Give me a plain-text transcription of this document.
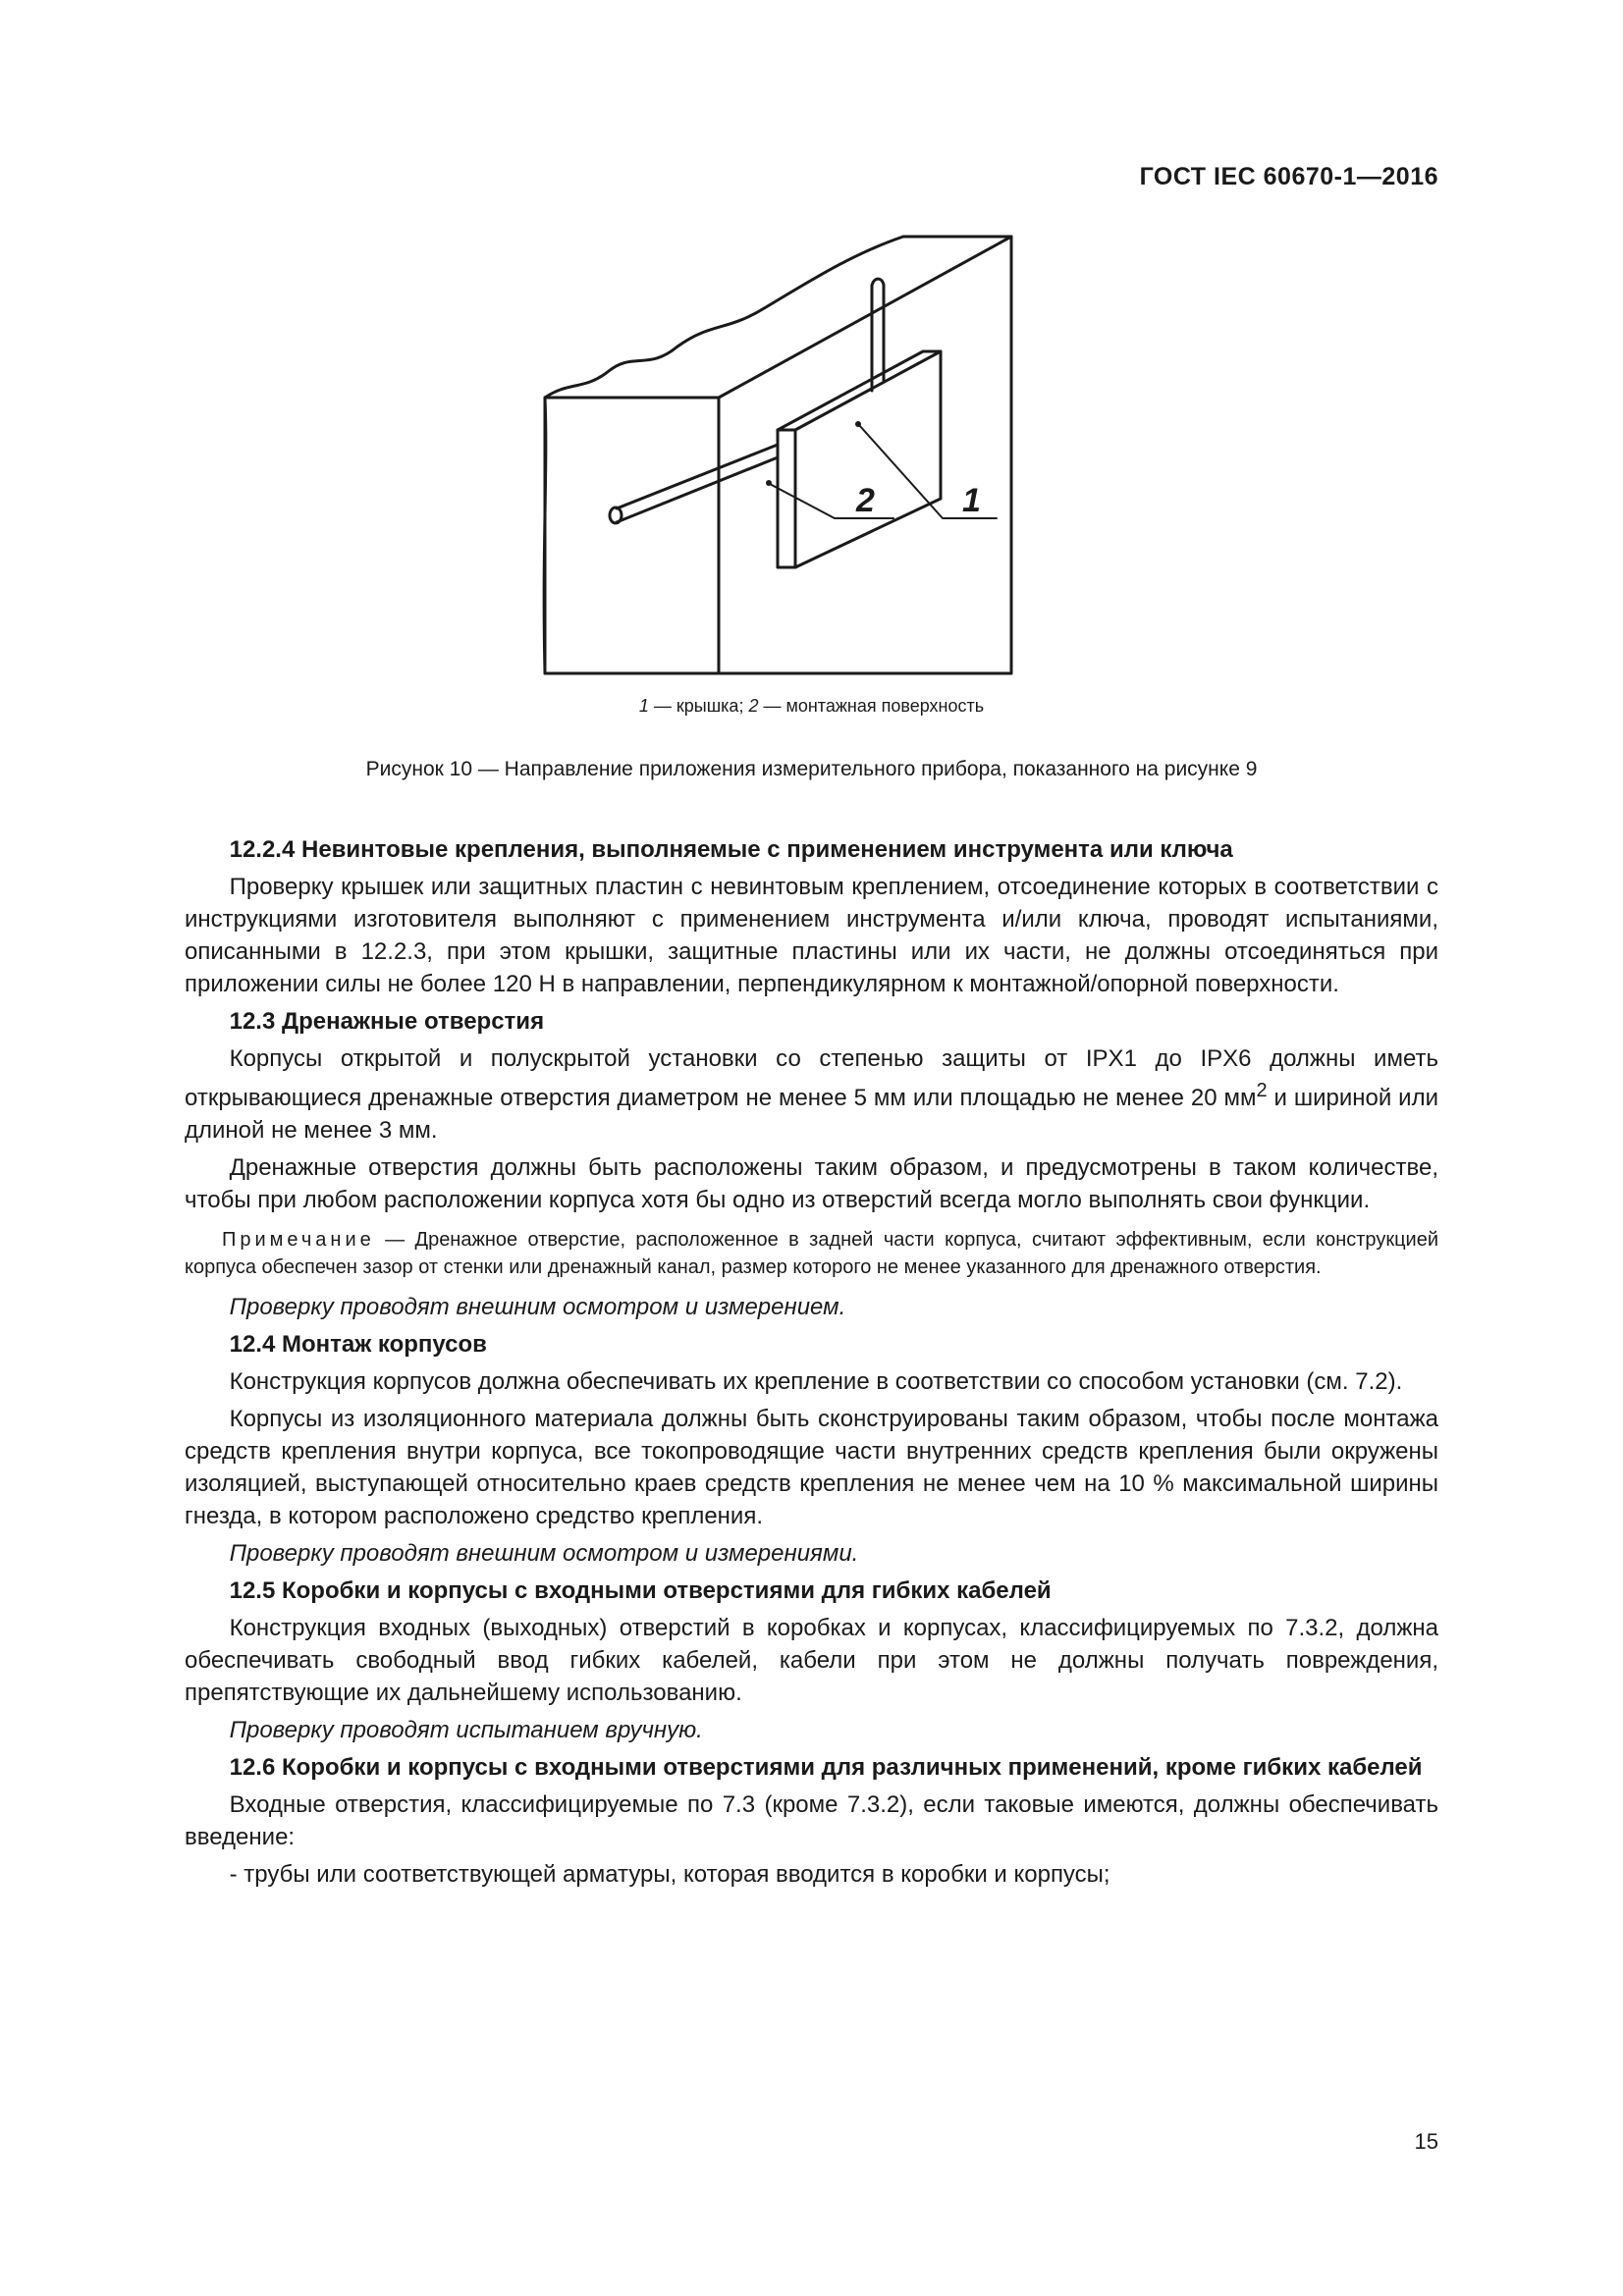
ГОСТ IEC 60670-1—2016
1
2
1 — крышка; 2 — монтажная поверхность
Рисунок 10 — Направление приложения измерительного прибора, показанного на рисунке 9
12.2.4 Невинтовые крепления, выполняемые с применением инструмента или ключа

Проверку крышек или защитных пластин с невинтовым креплением, отсоединение которых в соответствии с инструкциями изготовителя выполняют с применением инструмента и/или ключа, проводят испытаниями, описанными в 12.2.3, при этом крышки, защитные пластины или их части, не должны отсоединяться при приложении силы не более 120 Н в направлении, перпендикулярном к монтажной/опорной поверхности.

12.3 Дренажные отверстия

Корпусы открытой и полускрытой установки со степенью защиты от IPX1 до IPX6 должны иметь открывающиеся дренажные отверстия диаметром не менее 5 мм или площадью не менее 20 $мм^2$ и шириной или длиной не менее 3 мм.

Дренажные отверстия должны быть расположены таким образом, и предусмотрены в таком количестве, чтобы при любом расположении корпуса хотя бы одно из отверстий всегда могло выполнять свои функции.

Примечание — Дренажное отверстие, расположенное в задней части корпуса, считают эффективным, если конструкцией корпуса обеспечен зазор от стенки или дренажный канал, размер которого не менее указанного для дренажного отверстия.

Проверку проводят внешним осмотром и измерением.

12.4 Монтаж корпусов

Конструкция корпусов должна обеспечивать их крепление в соответствии со способом установки (см. 7.2).

Корпусы из изоляционного материала должны быть сконструированы таким образом, чтобы после монтажа средств крепления внутри корпуса, все токопроводящие части внутренних средств крепления были окружены изоляцией, выступающей относительно краев средств крепления не менее чем на 10 % максимальной ширины гнезда, в котором расположено средство крепления.

Проверку проводят внешним осмотром и измерениями.

12.5 Коробки и корпусы с входными отверстиями для гибких кабелей

Конструкция входных (выходных) отверстий в коробках и корпусах, классифицируемых по 7.3.2, должна обеспечивать свободный ввод гибких кабелей, кабели при этом не должны получать повреждения, препятствующие их дальнейшему использованию.

Проверку проводят испытанием вручную.

12.6 Коробки и корпусы с входными отверстиями для различных применений, кроме гибких кабелей

Входные отверстия, классифицируемые по 7.3 (кроме 7.3.2), если таковые имеются, должны обеспечивать введение:

- трубы или соответствующей арматуры, которая вводится в коробки и корпусы;

15
